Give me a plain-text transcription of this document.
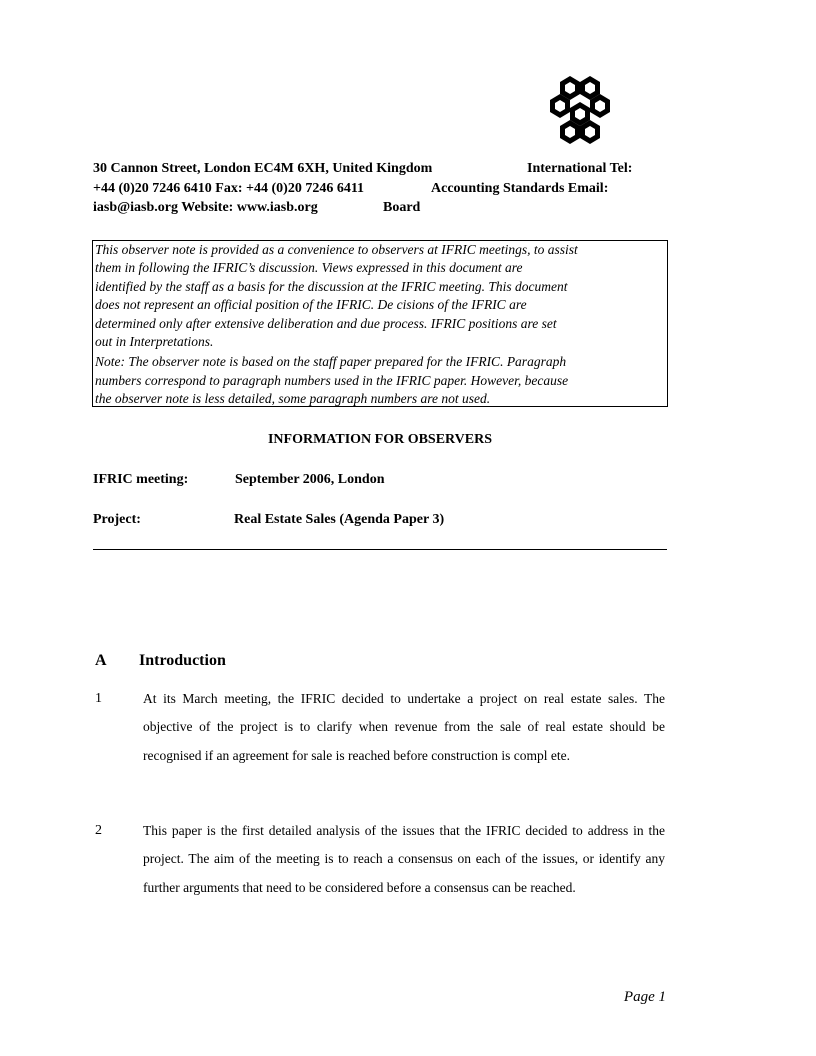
30 Cannon Street, London EC4M 6XH, United Kingdom
+44 (0)20 7246 6410 Fax: +44 (0)20 7246 6411
iasb@iasb.org Website: www.iasb.org
International Tel:
Accounting Standards Email:
Board

This observer note is provided as a convenience to observers at IFRIC meetings, to assist
them in following the IFRIC’s discussion. Views expressed in this document are
identified by the staff as a basis for the discussion at the IFRIC meeting. This document
does not represent an official position of the IFRIC. De cisions of the IFRIC are
determined only after extensive deliberation and due process. IFRIC positions are set
out in Interpretations.

Note: The observer note is based on the staff paper prepared for the IFRIC. Paragraph
numbers correspond to paragraph numbers used in the IFRIC paper. However, because
the observer note is less detailed, some paragraph numbers are not used.

INFORMATION FOR OBSERVERS
IFRIC meeting:	September 2006, London
Project:	Real Estate Sales (Agenda Paper 3)
A Introduction
1	At its March meeting, the IFRIC decided to undertake a project on real estate sales. The objective of the project is to clarify when revenue from the sale of real estate should be recognised if an agreement for sale is reached before construction is compl ete.
2	This paper is the first detailed analysis of the issues that the IFRIC decided to address in the project. The aim of the meeting is to reach a consensus on each of the issues, or identify any further arguments that need to be considered before a consensus can be reached.
Page 1
